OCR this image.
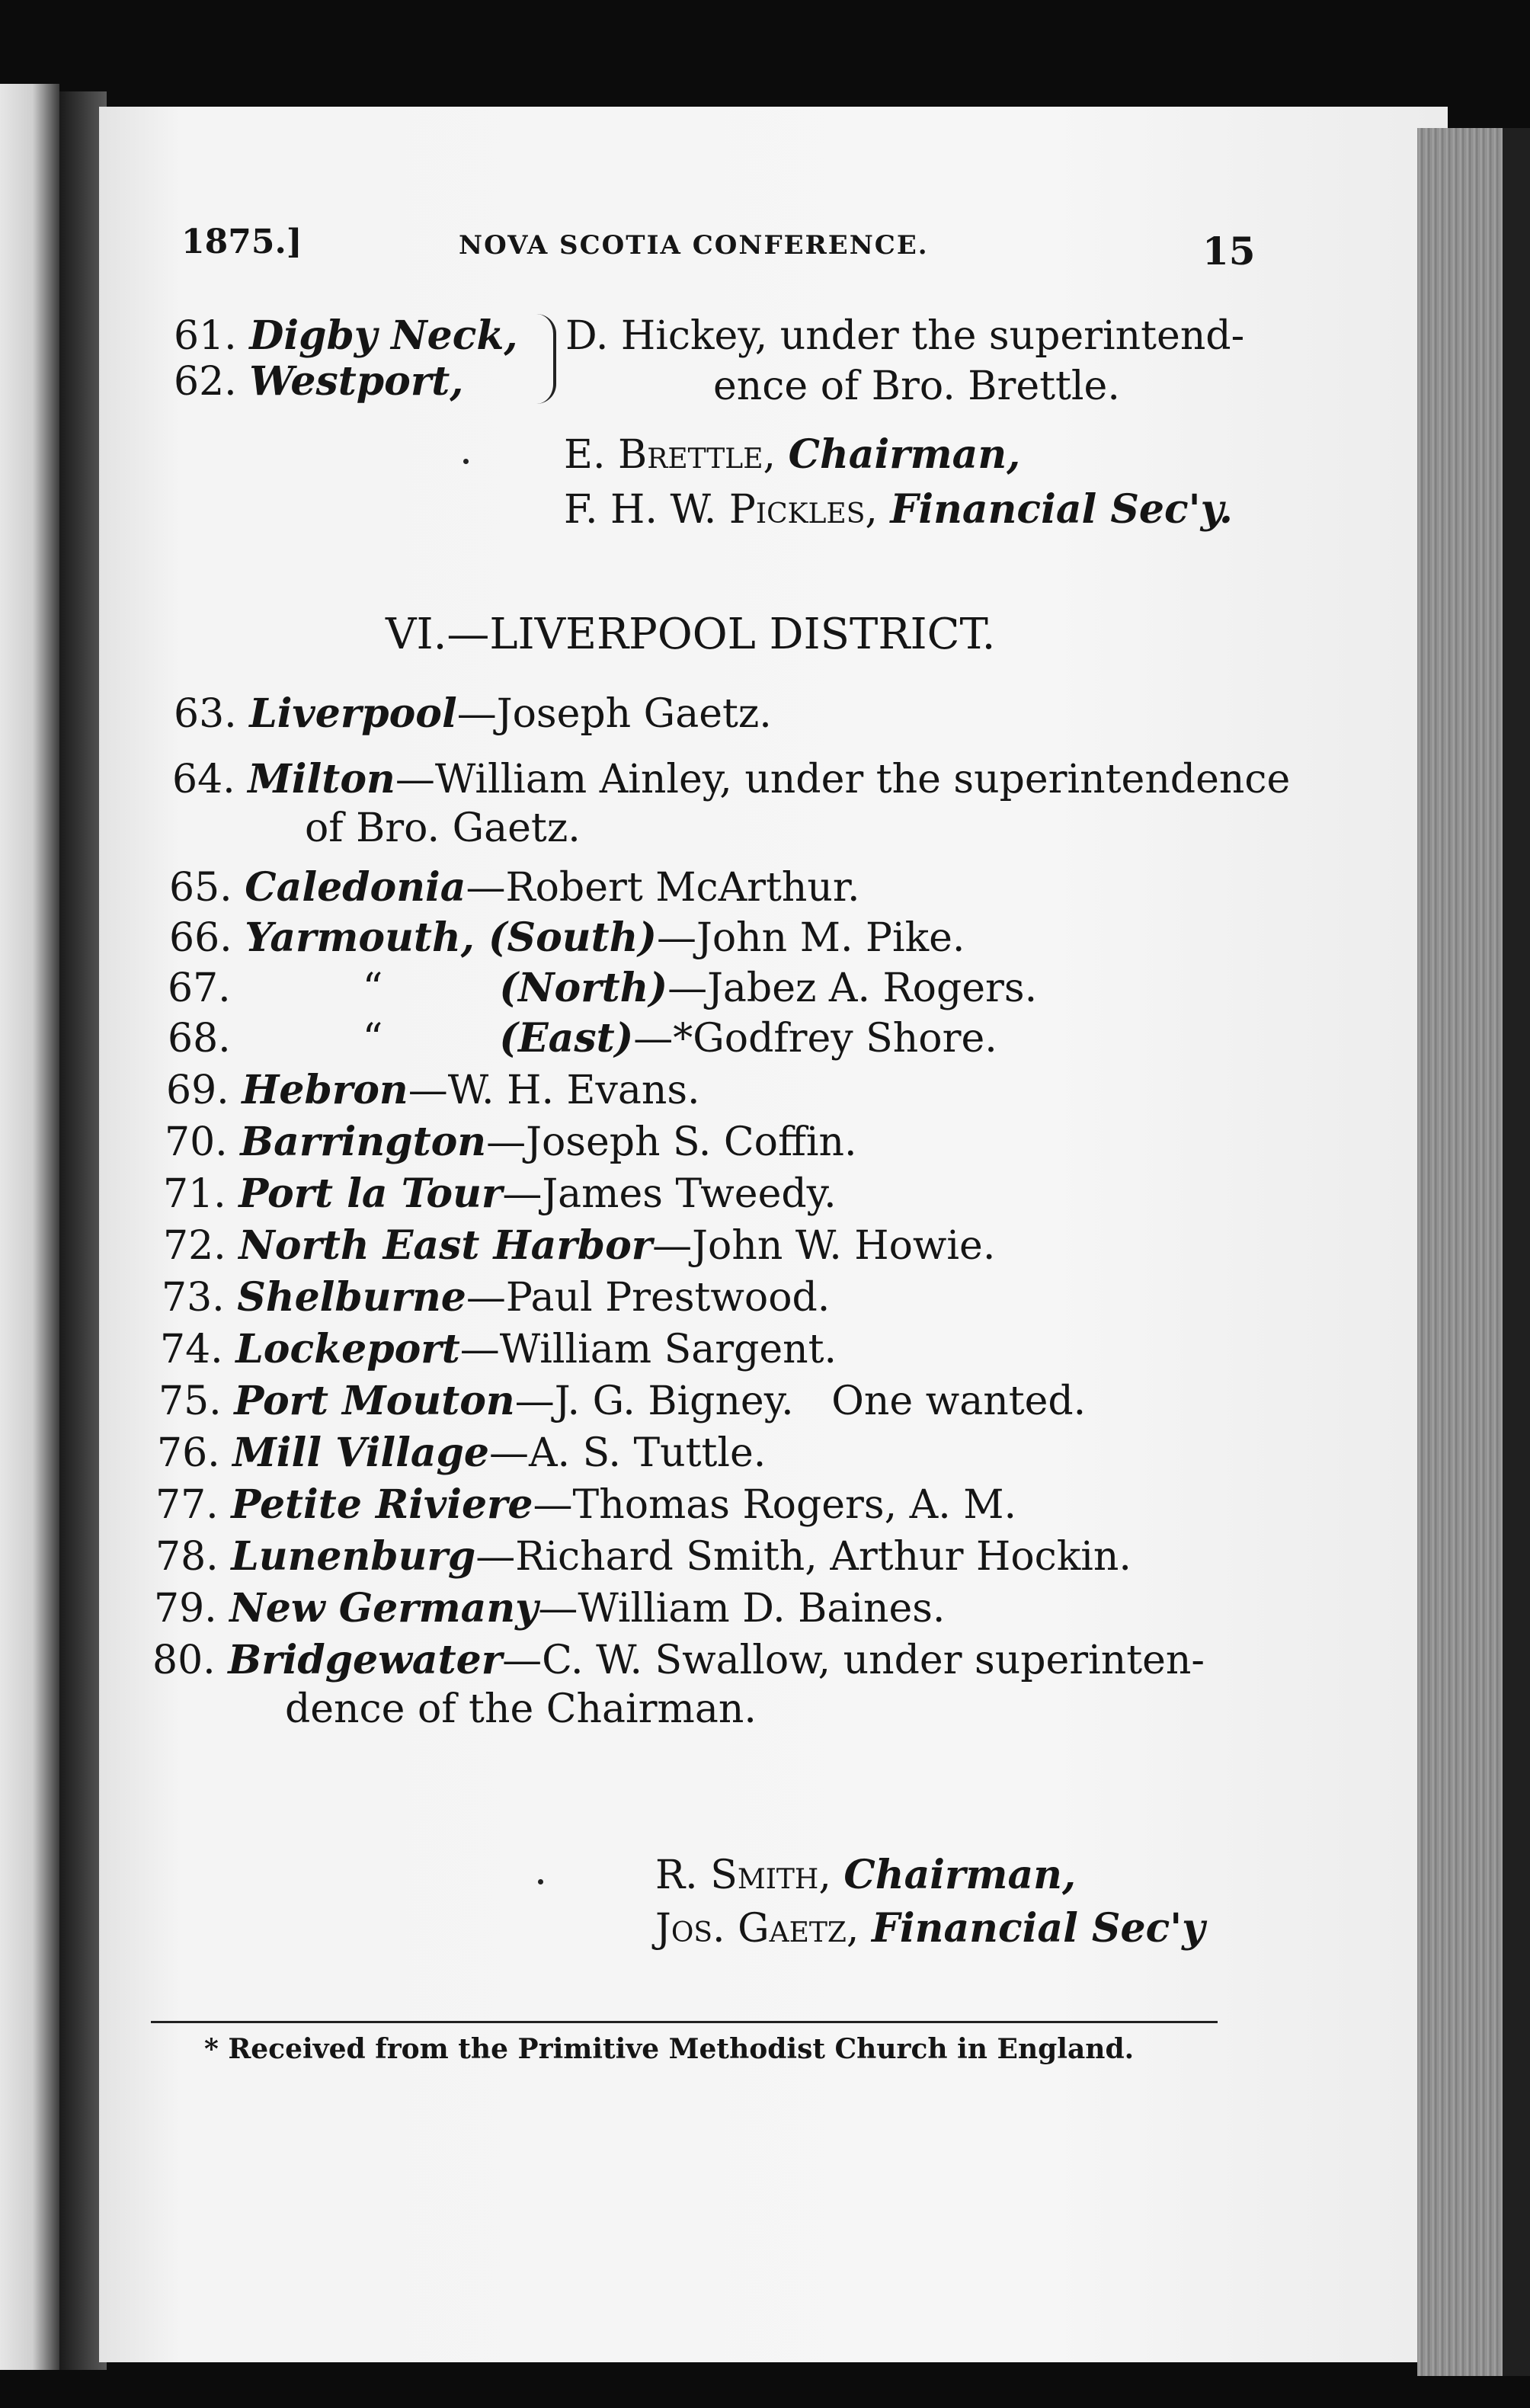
1875.]	NOVA SCOTIA CONFERENCE.	15
61. Digby Neck,
62. Westport,
D. Hickey, under the superintend-
ence of Bro. Brettle.
E. Brettle, Chairman,
F. H. W. Pickles, Financial Sec'y.
VI.—LIVERPOOL DISTRICT.
63. Liverpool—Joseph Gaetz.
64. Milton—William Ainley, under the superintendence
of Bro. Gaetz.
65. Caledonia—Robert McArthur.
66. Yarmouth, (South)—John M. Pike.
67.	“	(North)—Jabez A. Rogers.
68.	“	(East)—*Godfrey Shore.
69. Hebron—W. H. Evans.
70. Barrington—Joseph S. Coffin.
71. Port la Tour—James Tweedy.
72. North East Harbor—John W. Howie.
73. Shelburne—Paul Prestwood.
74. Lockeport—William Sargent.
75. Port Mouton—J. G. Bigney.   One wanted.
76. Mill Village—A. S. Tuttle.
77. Petite Riviere—Thomas Rogers, A. M.
78. Lunenburg—Richard Smith, Arthur Hockin.
79. New Germany—William D. Baines.
80. Bridgewater—C. W. Swallow, under superinten-
dence of the Chairman.
R. Smith, Chairman,
Jos. Gaetz, Financial Sec'y
* Received from the Primitive Methodist Church in England.
